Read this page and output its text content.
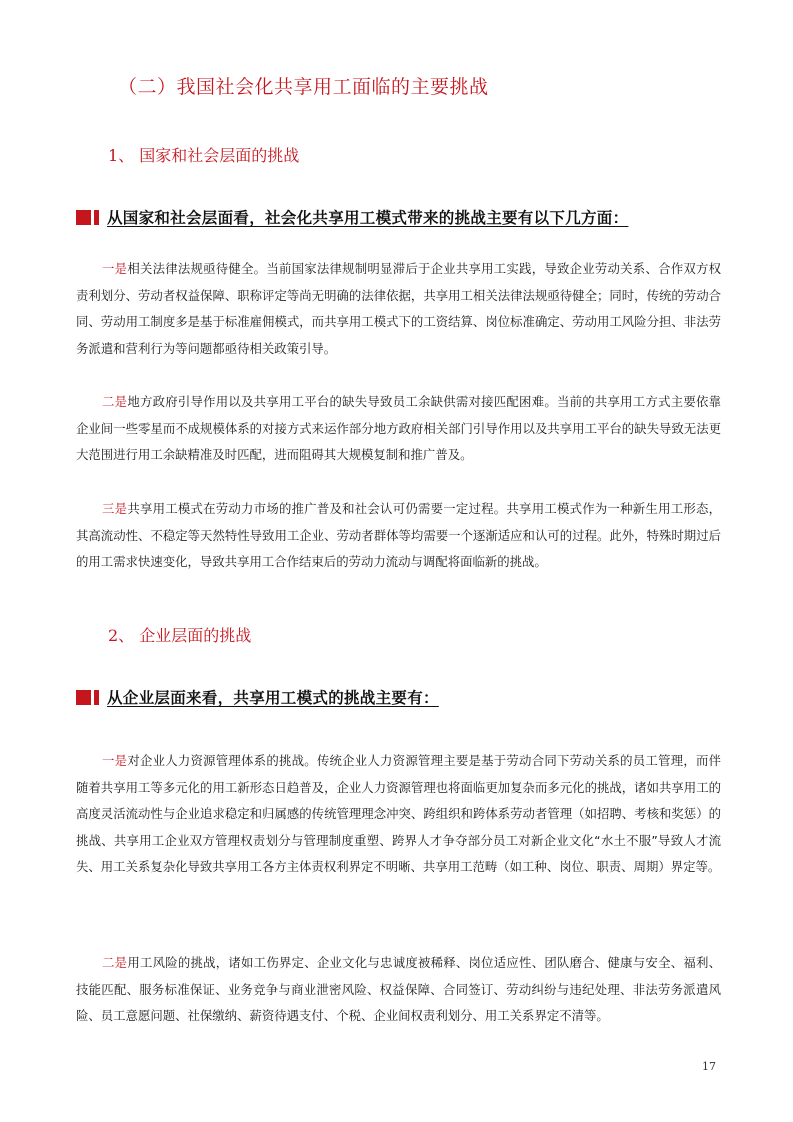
（二）我国社会化共享用工面临的主要挑战
1、 国家和社会层面的挑战
从国家和社会层面看，社会化共享用工模式带来的挑战主要有以下几方面：
一是相关法律法规亟待健全。当前国家法律规制明显滞后于企业共享用工实践，导致企业劳动关系、合作双方权责利划分、劳动者权益保障、职称评定等尚无明确的法律依据，共享用工相关法律法规亟待健全；同时，传统的劳动合同、劳动用工制度多是基于标准雇佣模式，而共享用工模式下的工资结算、岗位标准确定、劳动用工风险分担、非法劳务派遣和营利行为等问题都亟待相关政策引导。
二是地方政府引导作用以及共享用工平台的缺失导致员工余缺供需对接匹配困难。当前的共享用工方式主要依靠企业间一些零星而不成规模体系的对接方式来运作部分地方政府相关部门引导作用以及共享用工平台的缺失导致无法更大范围进行用工余缺精准及时匹配，进而阻碍其大规模复制和推广普及。
三是共享用工模式在劳动力市场的推广普及和社会认可仍需要一定过程。共享用工模式作为一种新生用工形态，其高流动性、不稳定等天然特性导致用工企业、劳动者群体等均需要一个逐渐适应和认可的过程。此外，特殊时期过后的用工需求快速变化，导致共享用工合作结束后的劳动力流动与调配将面临新的挑战。
2、 企业层面的挑战
从企业层面来看，共享用工模式的挑战主要有：
一是对企业人力资源管理体系的挑战。传统企业人力资源管理主要是基于劳动合同下劳动关系的员工管理，而伴随着共享用工等多元化的用工新形态日趋普及，企业人力资源管理也将面临更加复杂而多元化的挑战，诸如共享用工的高度灵活流动性与企业追求稳定和归属感的传统管理理念冲突、跨组织和跨体系劳动者管理（如招聘、考核和奖惩）的挑战、共享用工企业双方管理权责划分与管理制度重塑、跨界人才争夺部分员工对新企业文化“水土不服”导致人才流失、用工关系复杂化导致共享用工各方主体责权利界定不明晰、共享用工范畴（如工种、岗位、职责、周期）界定等。
二是用工风险的挑战，诸如工伤界定、企业文化与忠诚度被稀释、岗位适应性、团队磨合、健康与安全、福利、技能匹配、服务标准保证、业务竞争与商业泄密风险、权益保障、合同签订、劳动纠纷与违纪处理、非法劳务派遣风险、员工意愿问题、社保缴纳、薪资待遇支付、个税、企业间权责利划分、用工关系界定不清等。
17
